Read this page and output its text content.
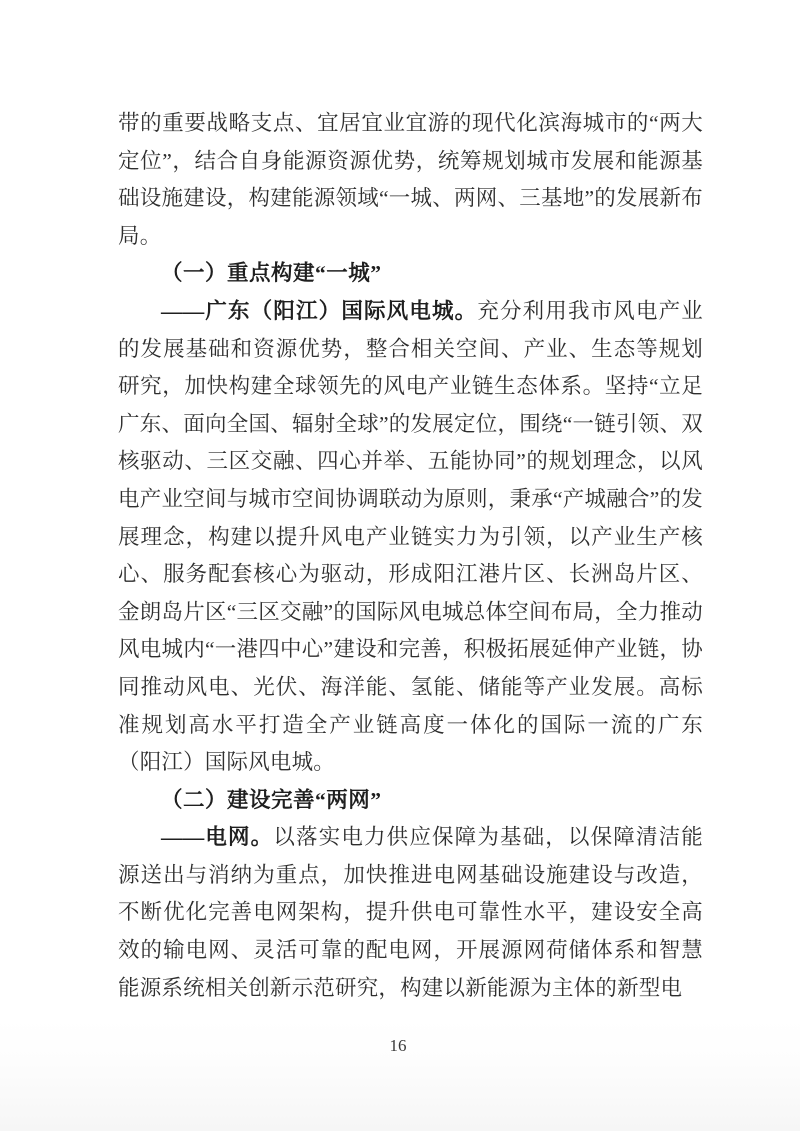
带的重要战略支点、宜居宜业宜游的现代化滨海城市的“两大定位”，结合自身能源资源优势，统筹规划城市发展和能源基础设施建设，构建能源领域“一城、两网、三基地”的发展新布局。

（一）重点构建“一城”

——广东（阳江）国际风电城。充分利用我市风电产业的发展基础和资源优势，整合相关空间、产业、生态等规划研究，加快构建全球领先的风电产业链生态体系。坚持“立足广东、面向全国、辐射全球”的发展定位，围绕“一链引领、双核驱动、三区交融、四心并举、五能协同”的规划理念，以风电产业空间与城市空间协调联动为原则，秉承“产城融合”的发展理念，构建以提升风电产业链实力为引领，以产业生产核心、服务配套核心为驱动，形成阳江港片区、长洲岛片区、金朗岛片区“三区交融”的国际风电城总体空间布局，全力推动风电城内“一港四中心”建设和完善，积极拓展延伸产业链，协同推动风电、光伏、海洋能、氢能、储能等产业发展。高标准规划高水平打造全产业链高度一体化的国际一流的广东（阳江）国际风电城。

（二）建设完善“两网”

——电网。以落实电力供应保障为基础，以保障清洁能源送出与消纳为重点，加快推进电网基础设施建设与改造，不断优化完善电网架构，提升供电可靠性水平，建设安全高效的输电网、灵活可靠的配电网，开展源网荷储体系和智慧能源系统相关创新示范研究，构建以新能源为主体的新型电

16
